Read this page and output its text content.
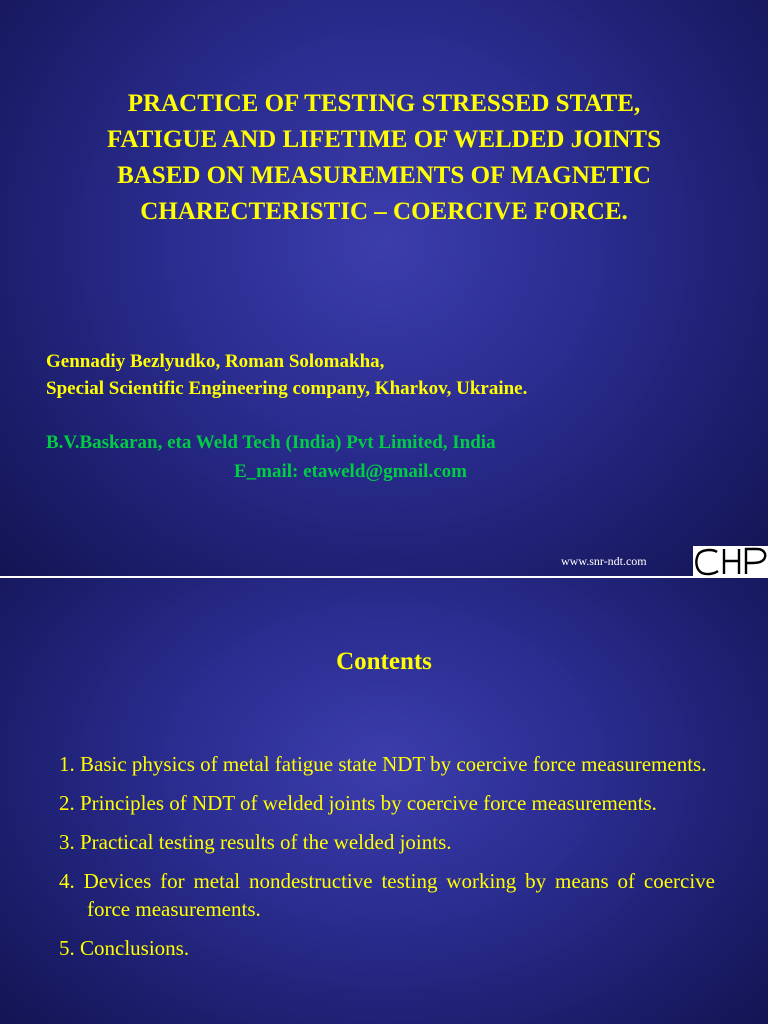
PRACTICE OF TESTING STRESSED STATE,
FATIGUE AND LIFETIME OF WELDED JOINTS
BASED ON MEASUREMENTS OF MAGNETIC
CHARECTERISTIC – COERCIVE FORCE.

Gennadiy Bezlyudko, Roman Solomakha,
Special Scientific Engineering company, Kharkov, Ukraine.

B.V.Baskaran, eta Weld Tech (India) Pvt Limited, India

E_mail: etaweld@gmail.com

www.snr-ndt.com
Contents
1. Basic physics of metal fatigue state NDT by coercive force measurements.
2. Principles of NDT of welded joints by coercive force measurements.
3. Practical testing results of the welded joints.
4. Devices for metal nondestructive testing working by means of coercive force measurements.
5. Conclusions.
